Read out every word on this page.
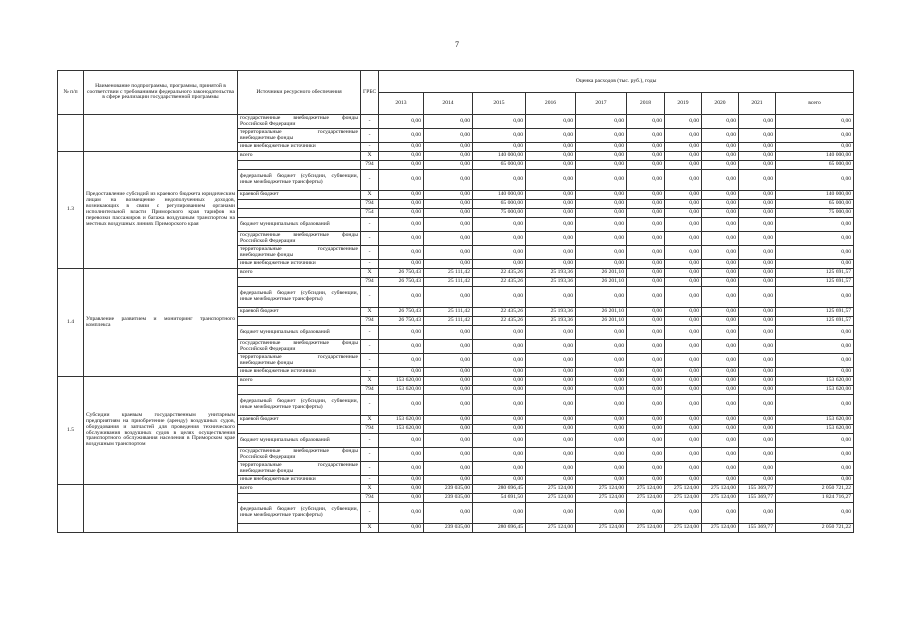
7
№ п/п	Наименование подпрограммы, программы, принятой в соответствии с требованиями федерального законодательства в сфере реализации государственной программы	Источники ресурсного обеспечения	ГРБС	Оценка расходов (тыс. руб.), годы									
				2013	2014	2015	2016	2017	2018	2019	2020	2021	всего
		государственные внебюджетные фонды Российской Федерации	-	0,00	0,00	0,00	0,00	0,00	0,00	0,00	0,00	0,00	0,00
		территориальные государственные внебюджетные фонды	-	0,00	0,00	0,00	0,00	0,00	0,00	0,00	0,00	0,00	0,00
		иные внебюджетные источники	-	0,00	0,00	0,00	0,00	0,00	0,00	0,00	0,00	0,00	0,00
1.3	Предоставление субсидий из краевого бюджета юридическим лицам на возмещение недополученных доходов, возникающих в связи с регулированием органами исполнительной власти Приморского края тарифов на перевозки пассажиров и багажа воздушным транспортом на местных воздушных линиях Приморского края	всего	X	0,00	0,00	140 000,00	0,00	0,00	0,00	0,00	0,00	0,00	140 000,00
			794	0,00	0,00	65 000,00	0,00	0,00	0,00	0,00	0,00	0,00	65 000,00
		федеральный бюджет (субсидии, субвенции, иные межбюджетные трансферты)	-	0,00	0,00	0,00	0,00	0,00	0,00	0,00	0,00	0,00	0,00
		краевой бюджет	X	0,00	0,00	140 000,00	0,00	0,00	0,00	0,00	0,00	0,00	140 000,00
			794	0,00	0,00	65 000,00	0,00	0,00	0,00	0,00	0,00	0,00	65 000,00
			754	0,00	0,00	75 000,00	0,00	0,00	0,00	0,00	0,00	0,00	75 000,00
		бюджет муниципальных образований	-	0,00	0,00	0,00	0,00	0,00	0,00	0,00	0,00	0,00	0,00
		государственные внебюджетные фонды Российской Федерации	-	0,00	0,00	0,00	0,00	0,00	0,00	0,00	0,00	0,00	0,00
		территориальные государственные внебюджетные фонды	-	0,00	0,00	0,00	0,00	0,00	0,00	0,00	0,00	0,00	0,00
		иные внебюджетные источники	-	0,00	0,00	0,00	0,00	0,00	0,00	0,00	0,00	0,00	0,00
1.4	Управление развитием и мониторинг транспортного комплекса	всего	X	26 750,43	25 111,42	22 435,26	25 193,36	26 201,10	0,00	0,00	0,00	0,00	125 691,57
			794	26 750,43	25 111,42	22 435,26	25 193,36	26 201,10	0,00	0,00	0,00	0,00	125 691,57
		федеральный бюджет (субсидии, субвенции, иные межбюджетные трансферты)	-	0,00	0,00	0,00	0,00	0,00	0,00	0,00	0,00	0,00	0,00
		краевой бюджет	X	26 750,43	25 111,42	22 435,26	25 193,36	26 201,10	0,00	0,00	0,00	0,00	125 691,57
			794	26 750,43	25 111,42	22 435,26	25 193,36	26 201,10	0,00	0,00	0,00	0,00	125 691,57
		бюджет муниципальных образований	-	0,00	0,00	0,00	0,00	0,00	0,00	0,00	0,00	0,00	0,00
		государственные внебюджетные фонды Российской Федерации	-	0,00	0,00	0,00	0,00	0,00	0,00	0,00	0,00	0,00	0,00
		территориальные государственные внебюджетные фонды	-	0,00	0,00	0,00	0,00	0,00	0,00	0,00	0,00	0,00	0,00
		иные внебюджетные источники	-	0,00	0,00	0,00	0,00	0,00	0,00	0,00	0,00	0,00	0,00
1.5	Субсидии краевым государственным унитарным предприятиям на приобретение (аренду) воздушных судов, оборудования и запчастей для проведения технического обслуживания воздушных судов в целях осуществления транспортного обслуживания населения в Приморском крае воздушным транспортом	всего	X	153 620,00	0,00	0,00	0,00	0,00	0,00	0,00	0,00	0,00	153 620,00
			794	153 620,00	0,00	0,00	0,00	0,00	0,00	0,00	0,00	0,00	153 620,00
		федеральный бюджет (субсидии, субвенции, иные межбюджетные трансферты)	-	0,00	0,00	0,00	0,00	0,00	0,00	0,00	0,00	0,00	0,00
		краевой бюджет	X	153 620,00	0,00	0,00	0,00	0,00	0,00	0,00	0,00	0,00	153 620,00
			794	153 620,00	0,00	0,00	0,00	0,00	0,00	0,00	0,00	0,00	153 620,00
		бюджет муниципальных образований	-	0,00	0,00	0,00	0,00	0,00	0,00	0,00	0,00	0,00	0,00
		государственные внебюджетные фонды Российской Федерации	-	0,00	0,00	0,00	0,00	0,00	0,00	0,00	0,00	0,00	0,00
		территориальные государственные внебюджетные фонды	-	0,00	0,00	0,00	0,00	0,00	0,00	0,00	0,00	0,00	0,00
		иные внебюджетные источники	-	0,00	0,00	0,00	0,00	0,00	0,00	0,00	0,00	0,00	0,00
		всего	X	0,00	239 035,00	280 696,45	275 124,00	275 124,00	275 124,00	275 124,00	275 124,00	155 369,77	2 050 721,22
			794	0,00	239 035,00	54 691,50	275 124,00	275 124,00	275 124,00	275 124,00	275 124,00	155 369,77	1 824 716,27
		федеральный бюджет (субсидии, субвенции, иные межбюджетные трансферты)	-	0,00	0,00	0,00	0,00	0,00	0,00	0,00	0,00	0,00	0,00
			X	0,00	239 035,00	280 696,45	275 124,00	275 124,00	275 124,00	275 124,00	275 124,00	155 369,77	2 050 721,22
